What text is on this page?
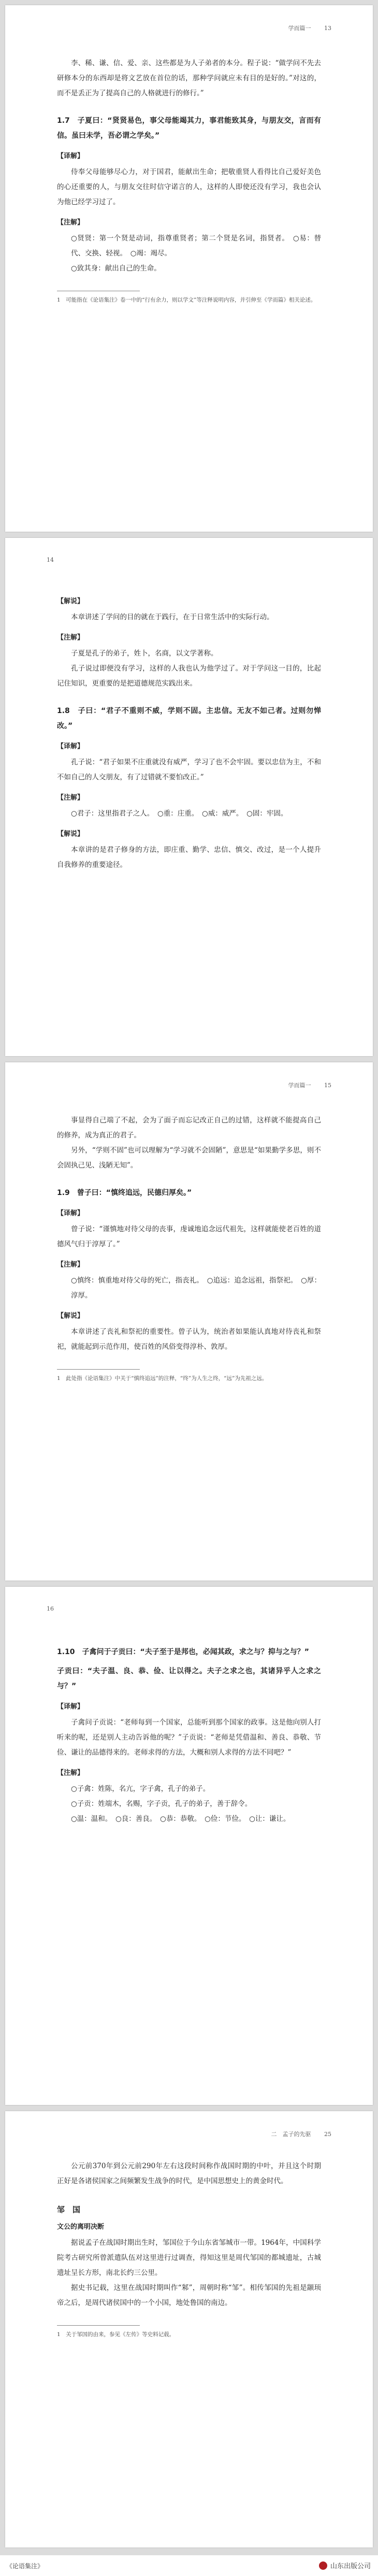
学而篇一 13

李、稀、谦、信、爱、亲、这些都是为人子弟者的本分。程子说：“做学问不先去研修本分的东西却是将文艺放在首位的话，那种学问就应未有目的是好的。”对这的，而不是丢正为了提高自己的人格就进行的修行。”

1.7　子夏曰：“贤贤易色，事父母能竭其力，事君能致其身，与朋友交，言而有信。虽曰未学，吾必谓之学矣。”

【译解】

侍奉父母能够尽心力，对于国君，能献出生命；把敬重贤人看得比自己爱好美色的心还重要的人，与朋友交往时信守诺言的人，这样的人即使还没有学习，我也会认为他已经学习过了。

【注解】

○贤贤：第一个贤是动词，指尊重贤者；第二个贤是名词，指贤者。　○易：替代、交换、轻视。　○竭：竭尽。

○致其身：献出自己的生命。

1　可能指在《论语集注》卷一中的“行有余力，则以学文”等注释说明内容，并引伸至《学而篇》相关论述。

14

【解说】

本章讲述了学问的目的就在于践行，在于日常生活中的实际行动。

【注解】

子夏是孔子的弟子，姓卜，名商，以文学著称。

孔子说过即便没有学习，这样的人我也认为他学过了。对于学问这一目的，比起记住知识，更重要的是把道德规范实践出来。

1.8　子曰：“君子不重则不威，学则不固。主忠信。无友不如己者。过则勿惮改。”

【译解】

孔子说：“君子如果不庄重就没有威严，学习了也不会牢固。要以忠信为主，不和不如自己的人交朋友，有了过错就不要怕改正。”

【注解】

○君子：这里指君子之人。　○重：庄重。　○威：威严。　○固：牢固。

【解说】

本章讲的是君子修身的方法，即庄重、勤学、忠信、慎交、改过，是一个人提升自我修养的重要途径。

学而篇一 15

事显得自己端了不起，会为了面子而忘记改正自己的过错，这样就不能提高自己的修养，成为真正的君子。

另外，“学则不固”也可以理解为“学习就不会固陋”，意思是“如果勤学多思，则不会固执己见、浅陋无知”。

1.9　曾子曰：“慎终追远，民德归厚矣。”

【译解】

曾子说：“谨慎地对待父母的丧事，虔诚地追念远代祖先，这样就能使老百姓的道德风气归于淳厚了。”

【注解】

○慎终：慎重地对待父母的死亡，指丧礼。　○追远：追念远祖，指祭祀。　○厚：淳厚。

【解说】

本章讲述了丧礼和祭祀的重要性。曾子认为，统治者如果能认真地对待丧礼和祭祀，就能起到示范作用，使百姓的风俗变得淳朴、敦厚。

1　此处指《论语集注》中关于“慎终追远”的注释，“终”为人生之终，“远”为先祖之远。

16

1.10　子禽问于子贡曰：“夫子至于是邦也，必闻其政，求之与？抑与之与？”

子贡曰：“夫子温、良、恭、俭、让以得之。夫子之求之也，其诸异乎人之求之与？”

【译解】

子禽问子贡说：“老师每到一个国家，总能听到那个国家的政事。这是他向别人打听来的呢，还是别人主动告诉他的呢？”子贡说：“老师是凭借温和、善良、恭敬、节俭、谦让的品德得来的。老师求得的方法，大概和别人求得的方法不同吧？”

【注解】

○子禽：姓陈，名亢，字子禽，孔子的弟子。

○子贡：姓端木，名赐，字子贡，孔子的弟子，善于辞令。

○温：温和。　○良：善良。　○恭：恭敬。　○俭：节俭。　○让：谦让。

二　孟子的先驱 25

公元前370年到公元前290年左右这段时间称作战国时期的中叶，并且这个时期正好是各诸侯国家之间频繁发生战争的时代，是中国思想史上的黄金时代。

邹　国

文公的离明决断

据说孟子在战国时期出生时，邹国位于今山东省邹城市一带。1964年，中国科学院考古研究所曾派遣队伍对这里进行过调查，得知这里是周代邹国的都城遗址，古城遗址呈长方形，南北长约三公里。

据史书记载，这里在战国时期叫作“邾”，周朝时称“邹”。相传邹国的先祖是颛顼帝之后，是周代诸侯国中的一个小国，地处鲁国的南边。

1　关于邹国的由来，参见《左传》等史料记载。

《论语集注》	山东出版公司
